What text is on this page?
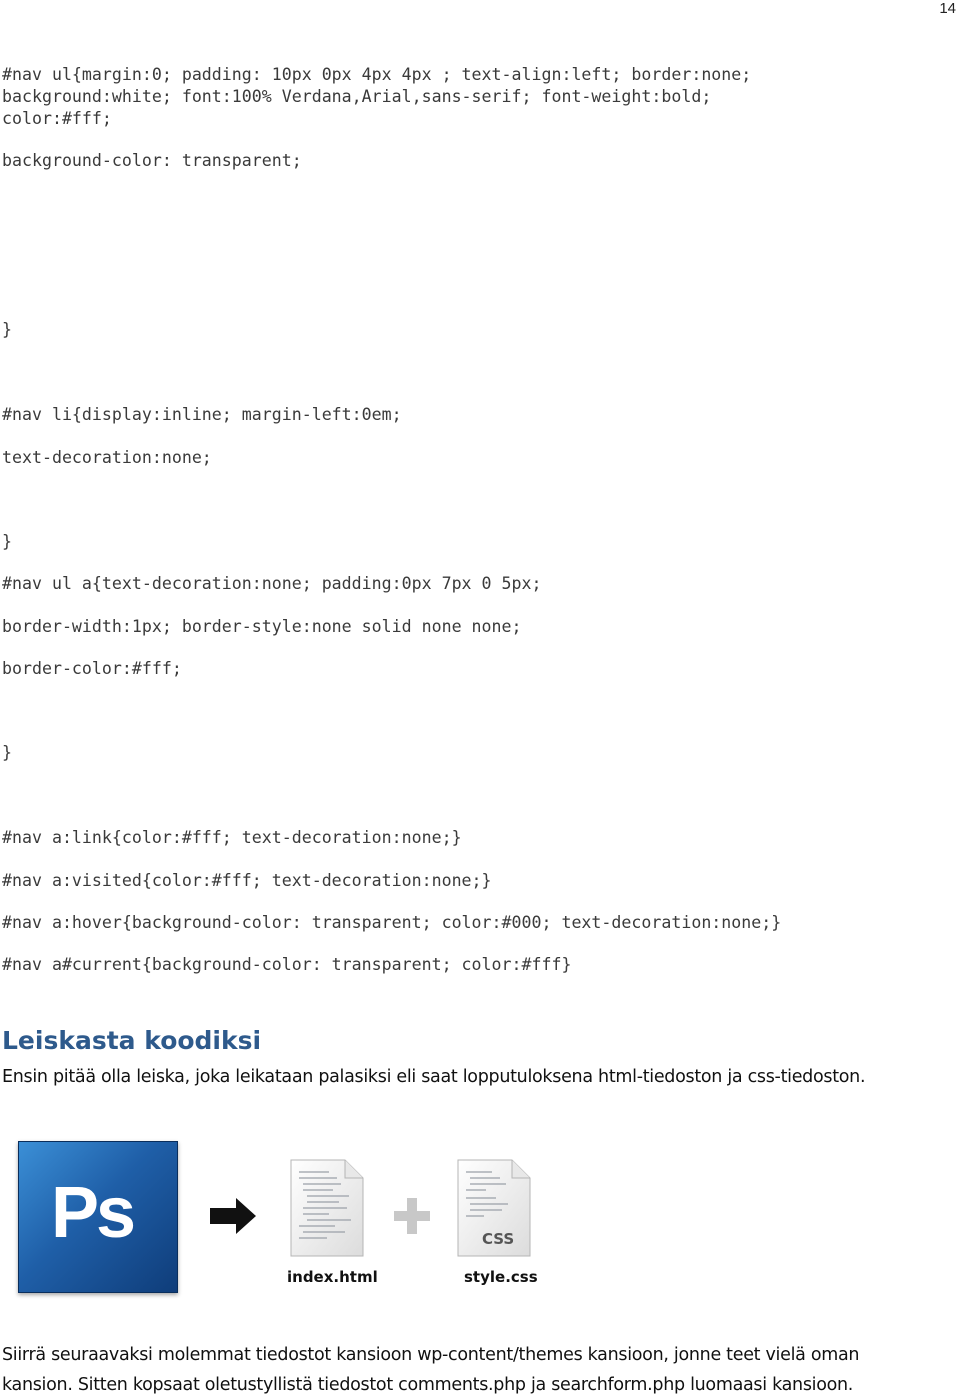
14
#nav ul{margin:0; padding: 10px 0px 4px 4px ; text-align:left; border:none;
background:white; font:100% Verdana,Arial,sans-serif; font-weight:bold;
color:#fff;
background-color: transparent;
}
#nav li{display:inline; margin-left:0em;
text-decoration:none;
}
#nav ul a{text-decoration:none; padding:0px 7px 0 5px;
border-width:1px; border-style:none solid none none;
border-color:#fff;
}
#nav a:link{color:#fff; text-decoration:none;}
#nav a:visited{color:#fff; text-decoration:none;}
#nav a:hover{background-color: transparent; color:#000; text-decoration:none;}
#nav a#current{background-color: transparent; color:#fff}
Leiskasta koodiksi
Ensin pitää olla leiska, joka leikataan palasiksi eli saat lopputuloksena html-tiedoston ja css-tiedoston.
Ps
index.html
CSS
style.css
Siirrä seuraavaksi molemmat tiedostot kansioon wp-content/themes kansioon, jonne teet vielä oman
kansion. Sitten kopsaat oletustyllistä tiedostot comments.php ja searchform.php luomaasi kansioon.
